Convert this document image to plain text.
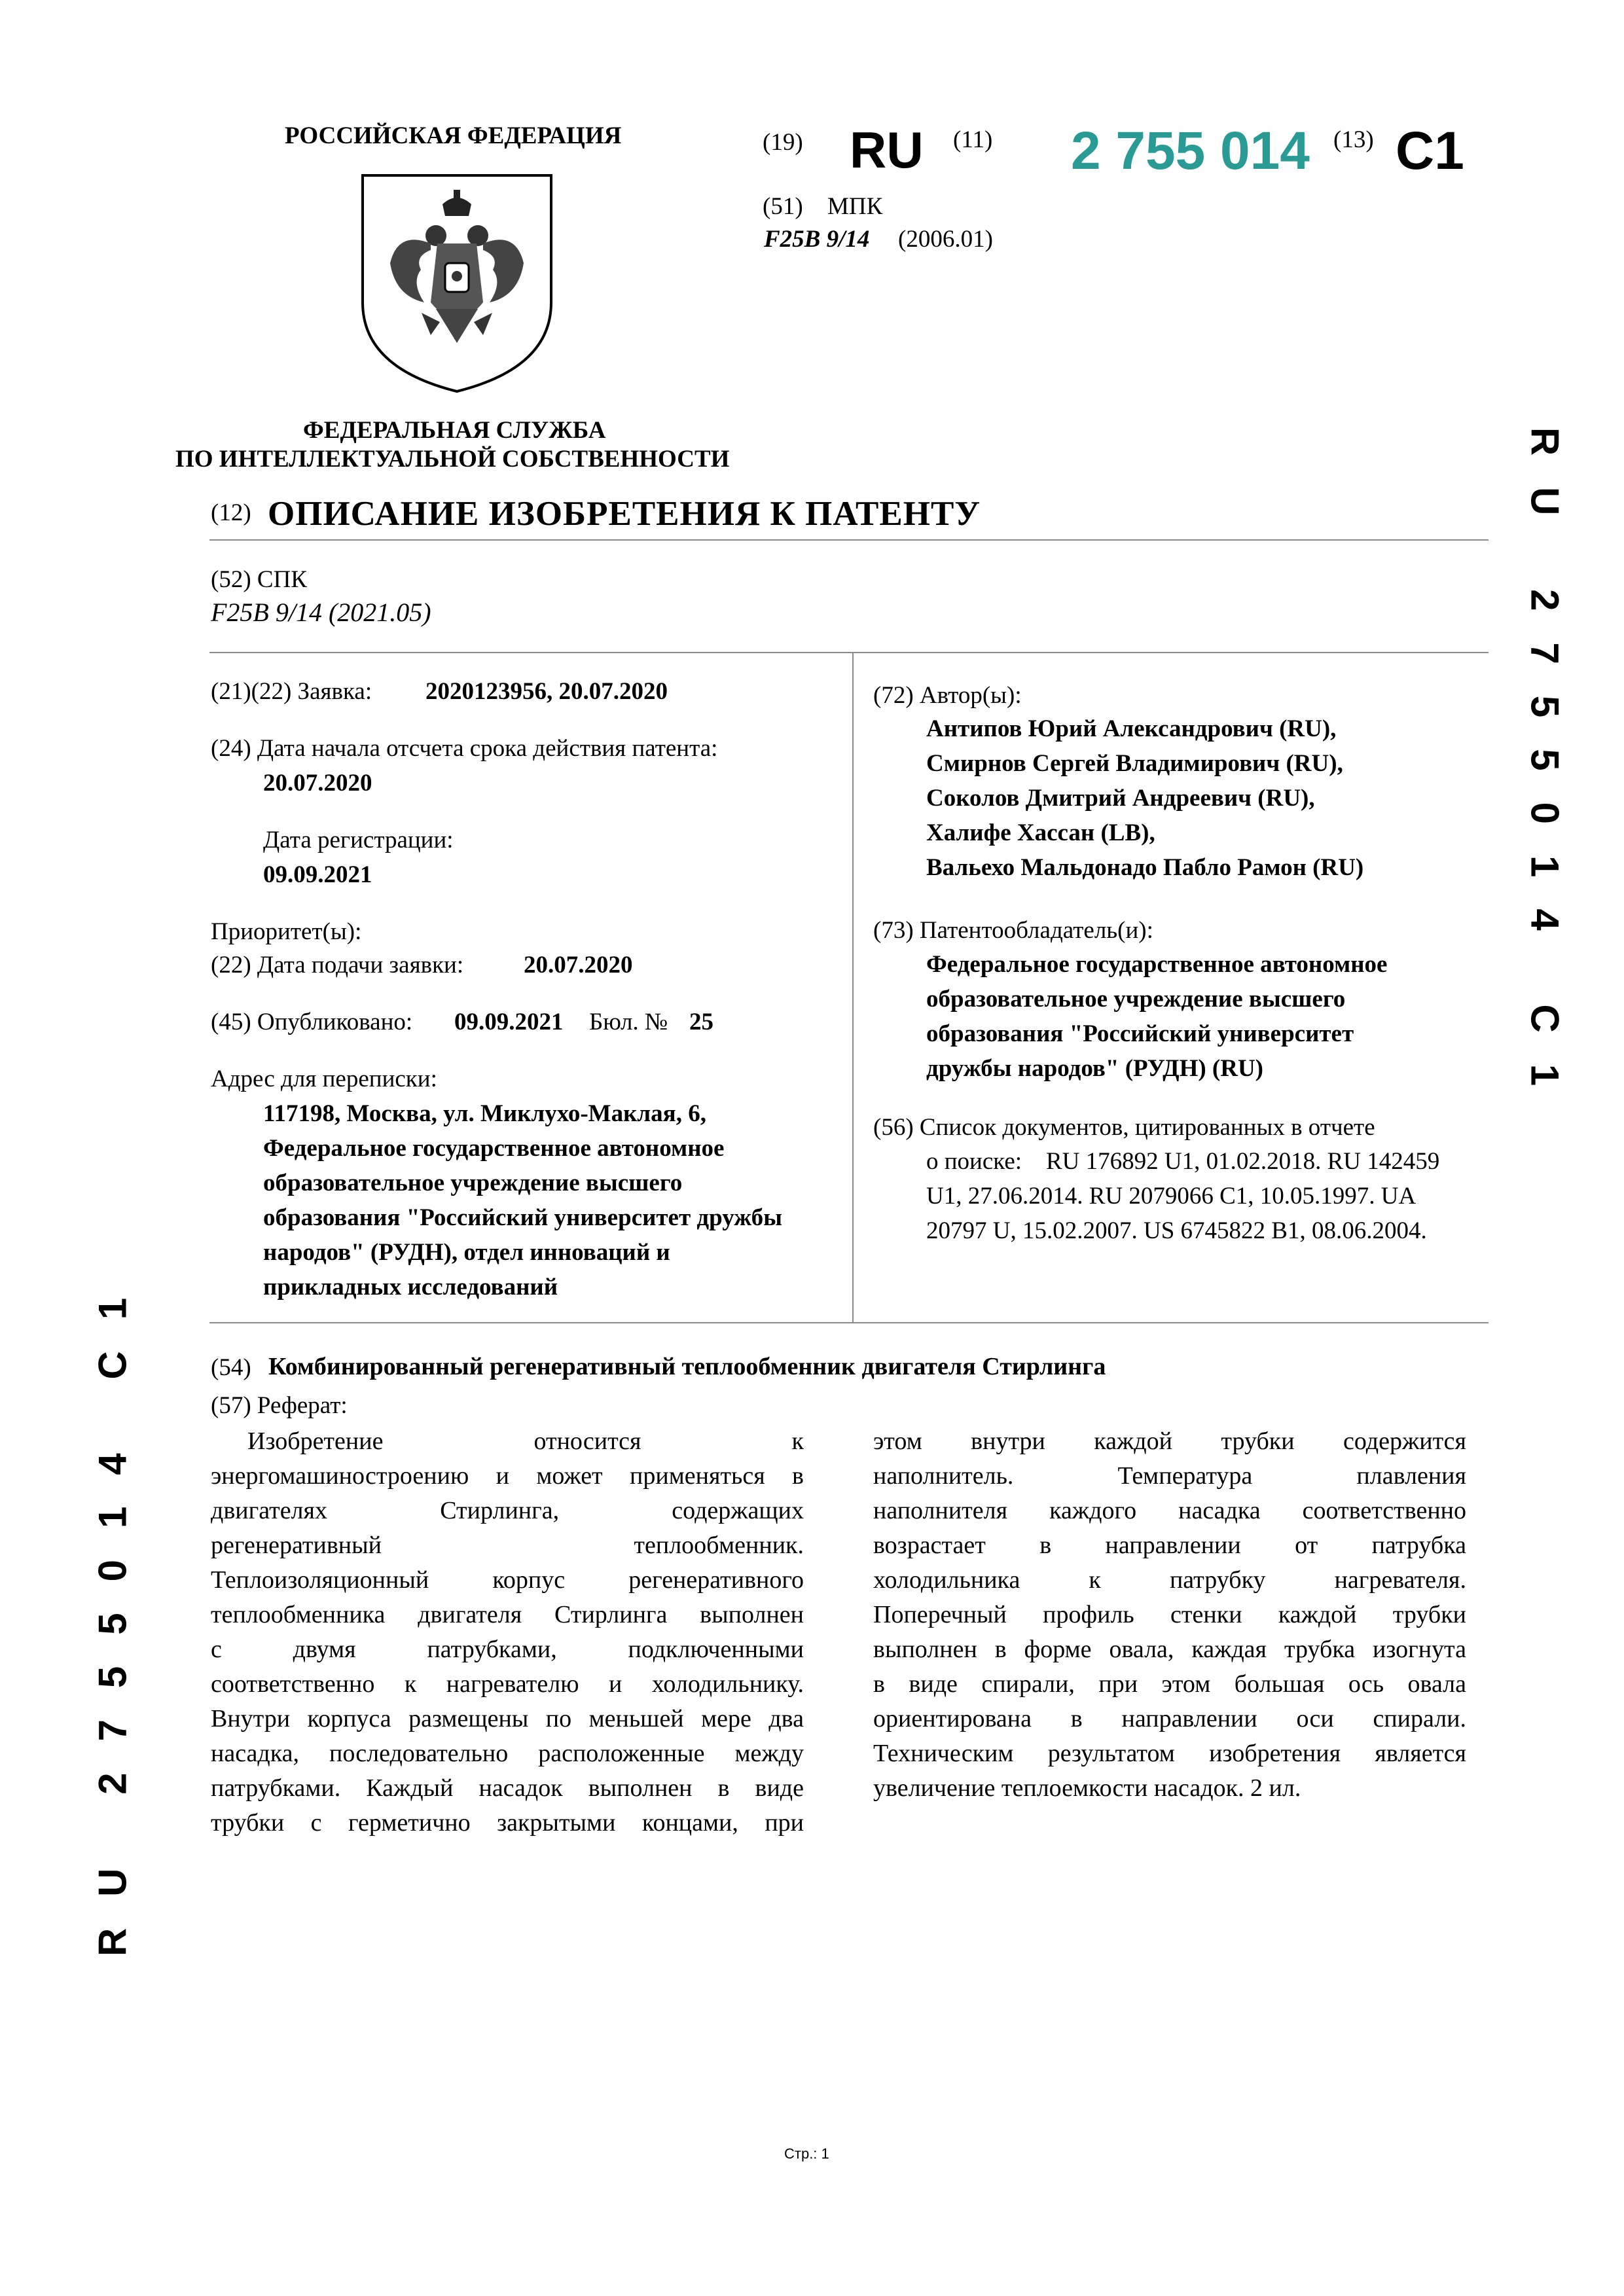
РОССИЙСКАЯ ФЕДЕРАЦИЯ
ФЕДЕРАЛЬНАЯ СЛУЖБА
ПО ИНТЕЛЛЕКТУАЛЬНОЙ СОБСТВЕННОСТИ
(19) RU (11) 2 755 014 (13) C1
(51) МПК
F25B 9/14 (2006.01)
(12) ОПИСАНИЕ ИЗОБРЕТЕНИЯ К ПАТЕНТУ
(52) СПК
F25B 9/14 (2021.05)
(21)(22) Заявка: 2020123956, 20.07.2020
(24) Дата начала отсчета срока действия патента:
20.07.2020
Дата регистрации:
09.09.2021
Приоритет(ы):
(22) Дата подачи заявки: 20.07.2020
(45) Опубликовано: 09.09.2021 Бюл. № 25
Адрес для переписки:
117198, Москва, ул. Миклухо-Маклая, 6,
Федеральное государственное автономное
образовательное учреждение высшего
образования "Российский университет дружбы
народов" (РУДН), отдел инноваций и
прикладных исследований
(72) Автор(ы):
Антипов Юрий Александрович (RU),
Смирнов Сергей Владимирович (RU),
Соколов Дмитрий Андреевич (RU),
Халифе Хассан (LB),
Вальехо Мальдонадо Пабло Рамон (RU)
(73) Патентообладатель(и):
Федеральное государственное автономное
образовательное учреждение высшего
образования "Российский университет
дружбы народов" (РУДН) (RU)
(56) Список документов, цитированных в отчете
о поиске: RU 176892 U1, 01.02.2018. RU 142459
U1, 27.06.2014. RU 2079066 C1, 10.05.1997. UA
20797 U, 15.02.2007. US 6745822 B1, 08.06.2004.
(54) Комбинированный регенеративный теплообменник двигателя Стирлинга
(57) Реферат:
Изобретение относится к
энергомашиностроению и может применяться в
двигателях Стирлинга, содержащих
регенеративный теплообменник.
Теплоизоляционный корпус регенеративного
теплообменника двигателя Стирлинга выполнен
с двумя патрубками, подключенными
соответственно к нагревателю и холодильнику.
Внутри корпуса размещены по меньшей мере два
насадка, последовательно расположенные между
патрубками. Каждый насадок выполнен в виде
трубки с герметично закрытыми концами, при
этом внутри каждой трубки содержится
наполнитель. Температура плавления
наполнителя каждого насадка соответственно
возрастает в направлении от патрубка
холодильника к патрубку нагревателя.
Поперечный профиль стенки каждой трубки
выполнен в форме овала, каждая трубка изогнута
в виде спирали, при этом большая ось овала
ориентирована в направлении оси спирали.
Техническим результатом изобретения является
увеличение теплоемкости насадок. 2 ил.
RU 2755014 C1
RU 2755014 C1
Стр.: 1
